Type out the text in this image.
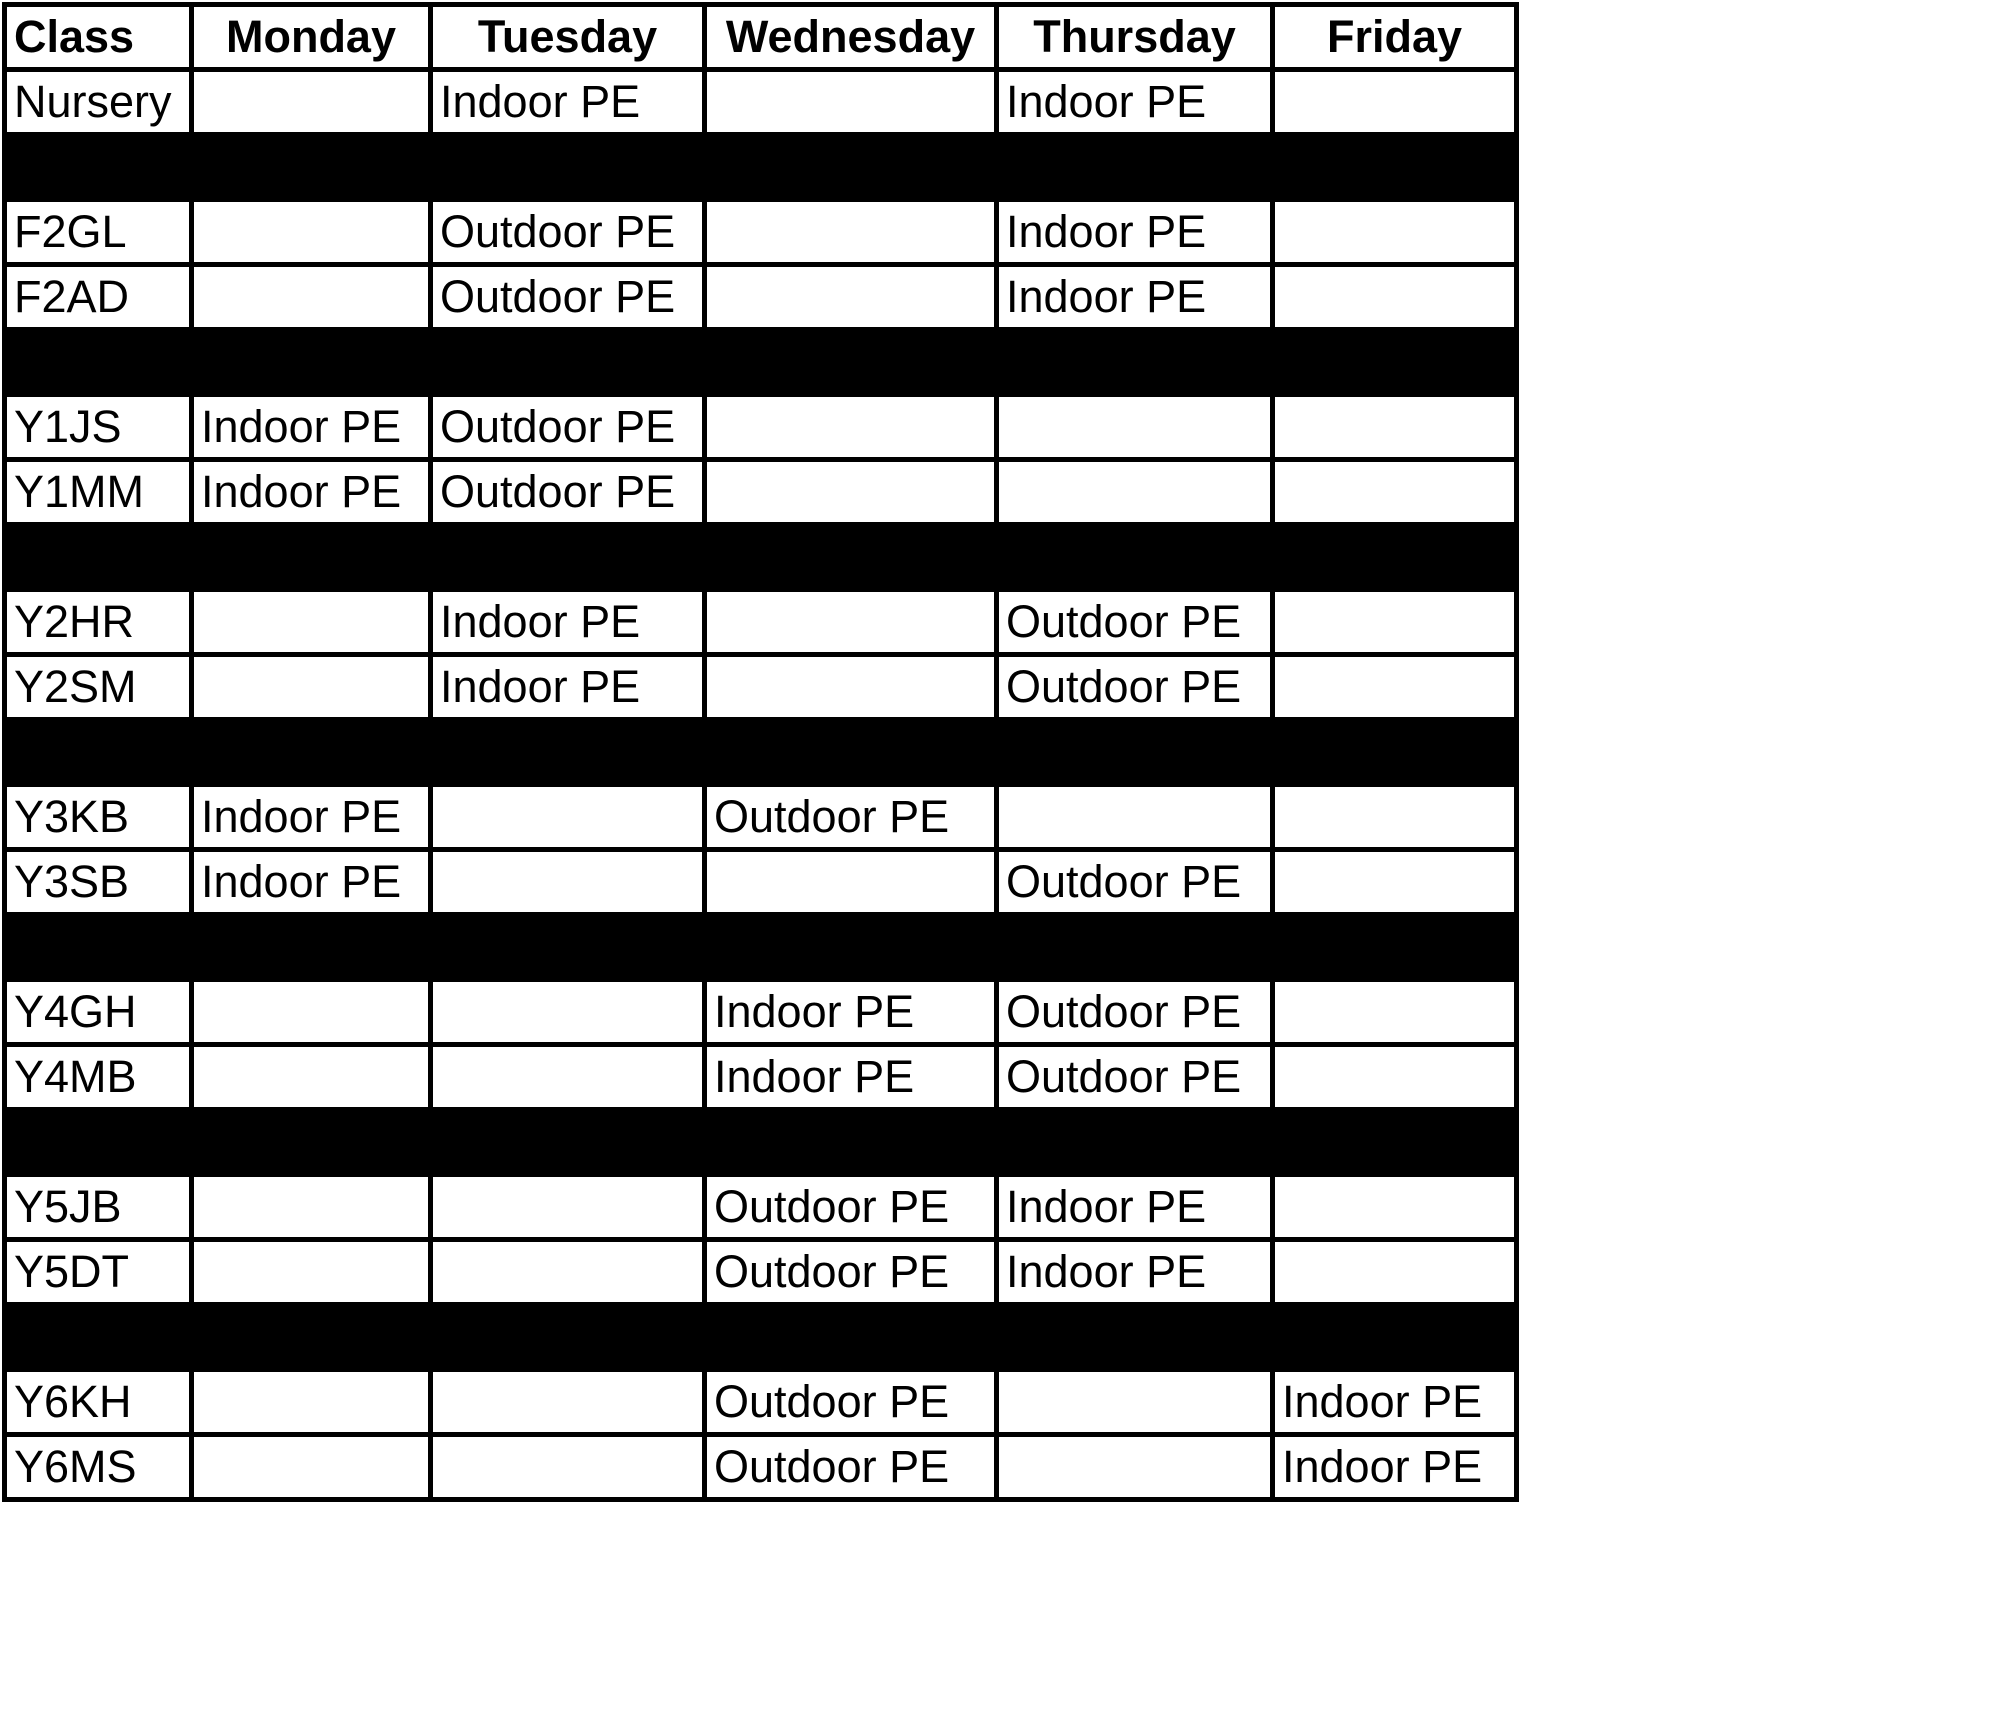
Class	Monday	Tuesday	Wednesday	Thursday	Friday
Nursery		Indoor PE		Indoor PE	

F2GL		Outdoor PE		Indoor PE	
F2AD		Outdoor PE		Indoor PE	

Y1JS	Indoor PE	Outdoor PE			
Y1MM	Indoor PE	Outdoor PE			

Y2HR		Indoor PE		Outdoor PE	
Y2SM		Indoor PE		Outdoor PE	

Y3KB	Indoor PE		Outdoor PE		
Y3SB	Indoor PE			Outdoor PE	

Y4GH			Indoor PE	Outdoor PE	
Y4MB			Indoor PE	Outdoor PE	

Y5JB			Outdoor PE	Indoor PE	
Y5DT			Outdoor PE	Indoor PE	

Y6KH			Outdoor PE		Indoor PE
Y6MS			Outdoor PE		Indoor PE
